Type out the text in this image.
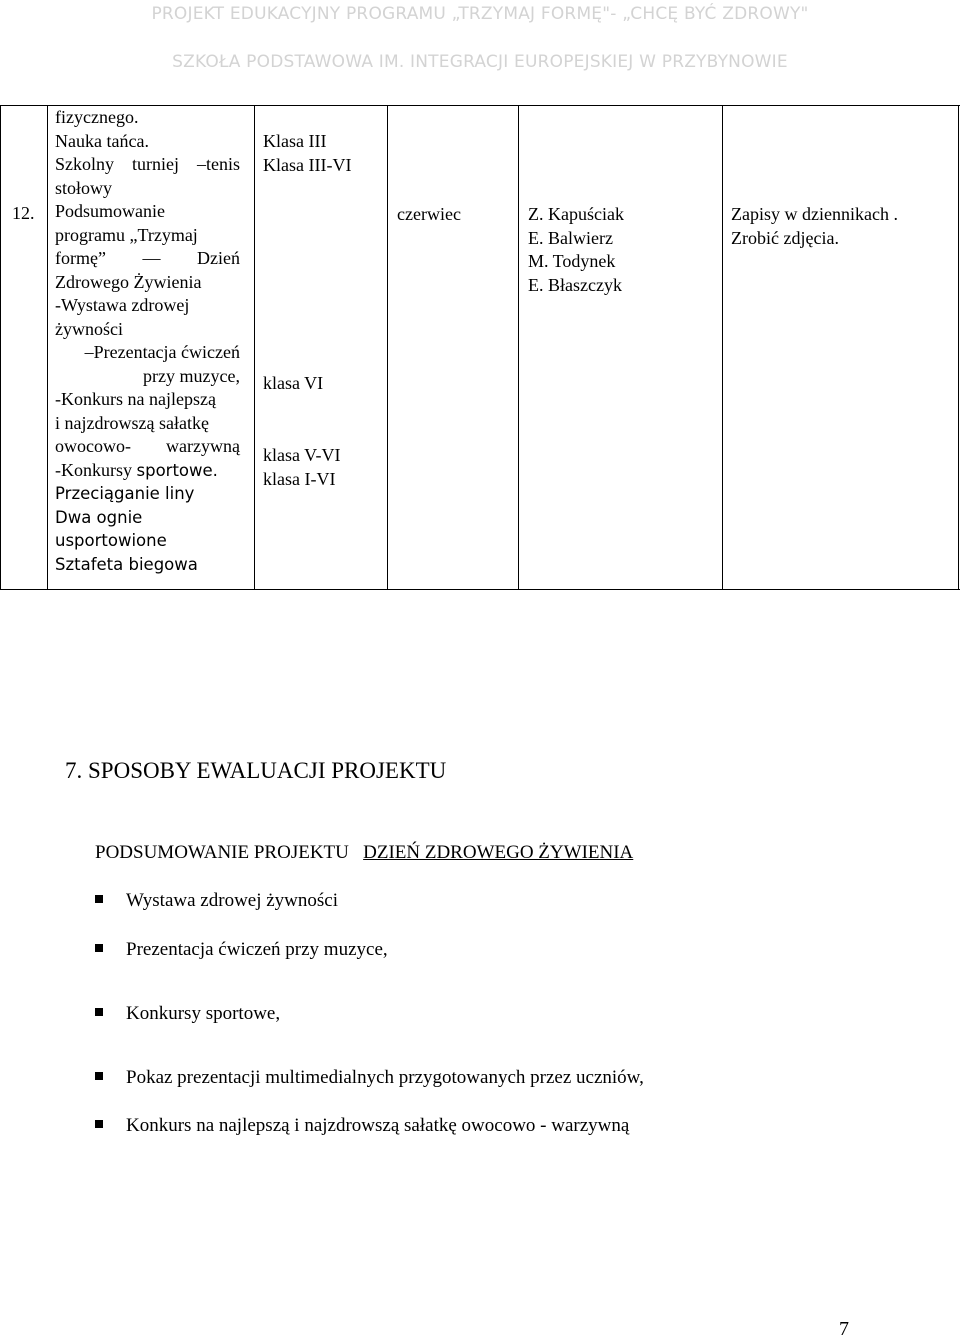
PROJEKT EDUKACYJNY PROGRAMU „TRZYMAJ FORMĘ"- „CHCĘ BYĆ ZDROWY"
SZKOŁA PODSTAWOWA IM. INTEGRACJI EUROPEJSKIEJ W PRZYBYNOWIE
12.
fizycznego.
Nauka tańca.
Szkolny turniej –tenis
stołowy
Podsumowanie
programu „Trzymaj
formę” — Dzień
Zdrowego Żywienia
-Wystawa zdrowej
żywności
–Prezentacja ćwiczeń
przy muzyce,
-Konkurs na najlepszą
i najzdrowszą sałatkę
owocowo- warzywną
-Konkursy sportowe.
Przeciąganie liny
Dwa ognie
usportowione
Sztafeta biegowa
Klasa III
Klasa III-VI
klasa VI
klasa V-VI
klasa I-VI
czerwiec	Z. Kapuściak
E. Balwierz
M. Todynek
E. Błaszczyk
Zapisy w dziennikach .
Zrobić zdjęcia.
7. SPOSOBY EWALUACJI PROJEKTU
PODSUMOWANIE PROJEKTU DZIEŃ ZDROWEGO ŻYWIENIA
Wystawa zdrowej żywności
Prezentacja ćwiczeń przy muzyce,
Konkursy sportowe,
Pokaz prezentacji multimedialnych przygotowanych przez uczniów,
Konkurs na najlepszą i najzdrowszą sałatkę owocowo - warzywną
7
